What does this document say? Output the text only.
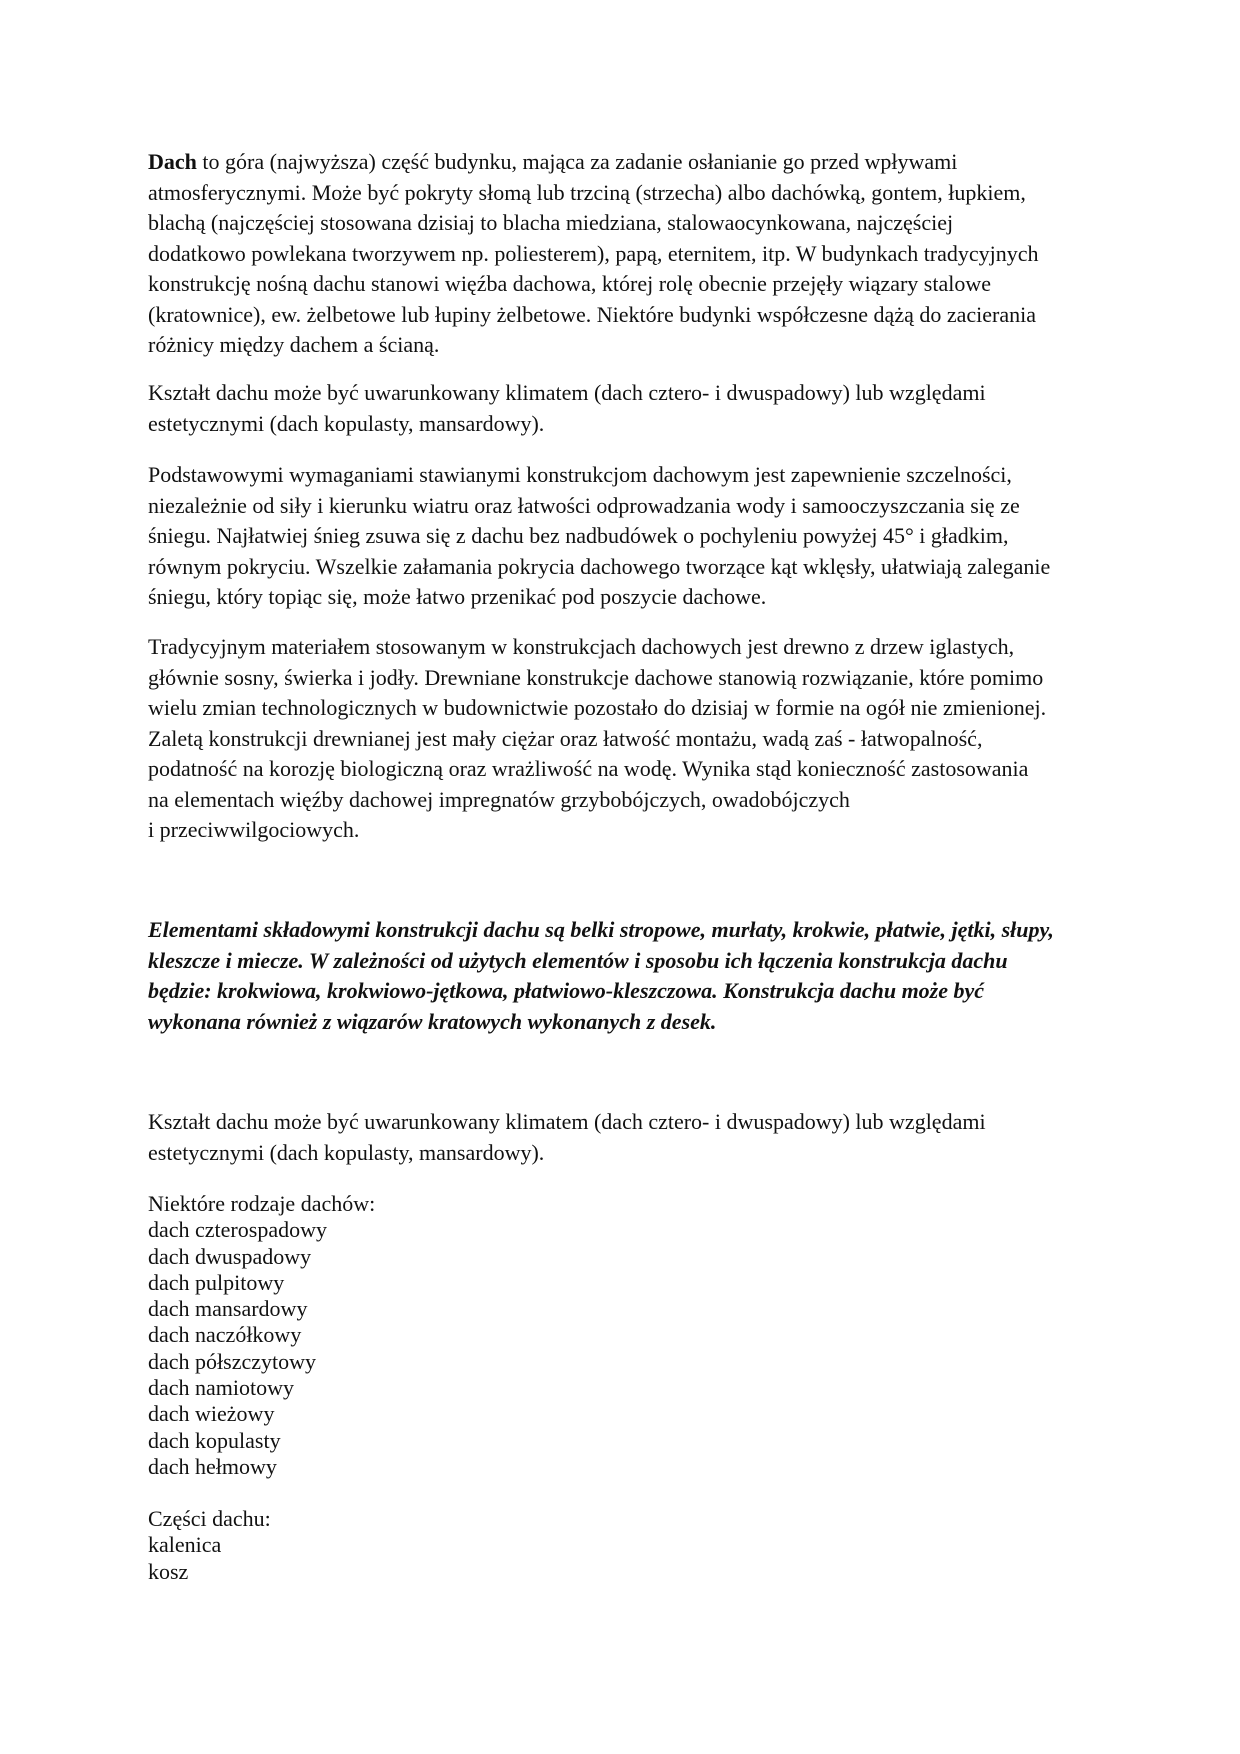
Dach to góra (najwyższa) część budynku, mająca za zadanie osłanianie go przed wpływami
atmosferycznymi. Może być pokryty słomą lub trzciną (strzecha) albo dachówką, gontem, łupkiem,
blachą (najczęściej stosowana dzisiaj to blacha miedziana, stalowaocynkowana, najczęściej
dodatkowo powlekana tworzywem np. poliesterem), papą, eternitem, itp. W budynkach tradycyjnych
konstrukcję nośną dachu stanowi więźba dachowa, której rolę obecnie przejęły wiązary stalowe
(kratownice), ew. żelbetowe lub łupiny żelbetowe. Niektóre budynki współczesne dążą do zacierania
różnicy między dachem a ścianą.
Kształt dachu może być uwarunkowany klimatem (dach cztero- i dwuspadowy) lub względami
estetycznymi (dach kopulasty, mansardowy).
Podstawowymi wymaganiami stawianymi konstrukcjom dachowym jest zapewnienie szczelności,
niezależnie od siły i kierunku wiatru oraz łatwości odprowadzania wody i samooczyszczania się ze
śniegu. Najłatwiej śnieg zsuwa się z dachu bez nadbudówek o pochyleniu powyżej 45° i gładkim,
równym pokryciu. Wszelkie załamania pokrycia dachowego tworzące kąt wklęsły, ułatwiają zaleganie
śniegu, który topiąc się, może łatwo przenikać pod poszycie dachowe.
Tradycyjnym materiałem stosowanym w konstrukcjach dachowych jest drewno z drzew iglastych,
głównie sosny, świerka i jodły. Drewniane konstrukcje dachowe stanowią rozwiązanie, które pomimo
wielu zmian technologicznych w budownictwie pozostało do dzisiaj w formie na ogół nie zmienionej.
Zaletą konstrukcji drewnianej jest mały ciężar oraz łatwość montażu, wadą zaś - łatwopalność,
podatność na korozję biologiczną oraz wrażliwość na wodę. Wynika stąd konieczność zastosowania
na elementach więźby dachowej impregnatów grzybobójczych, owadobójczych
i przeciwwilgociowych.
Elementami składowymi konstrukcji dachu są belki stropowe, murłaty, krokwie, płatwie, jętki, słupy,
kleszcze i miecze. W zależności od użytych elementów i sposobu ich łączenia konstrukcja dachu
będzie: krokwiowa, krokwiowo-jętkowa, płatwiowo-kleszczowa. Konstrukcja dachu może być
wykonana również z wiązarów kratowych wykonanych z desek.
Kształt dachu może być uwarunkowany klimatem (dach cztero- i dwuspadowy) lub względami
estetycznymi (dach kopulasty, mansardowy).
Niektóre rodzaje dachów:
dach czterospadowy
dach dwuspadowy
dach pulpitowy
dach mansardowy
dach naczółkowy
dach półszczytowy
dach namiotowy
dach wieżowy
dach kopulasty
dach hełmowy
Części dachu:
kalenica
kosz
